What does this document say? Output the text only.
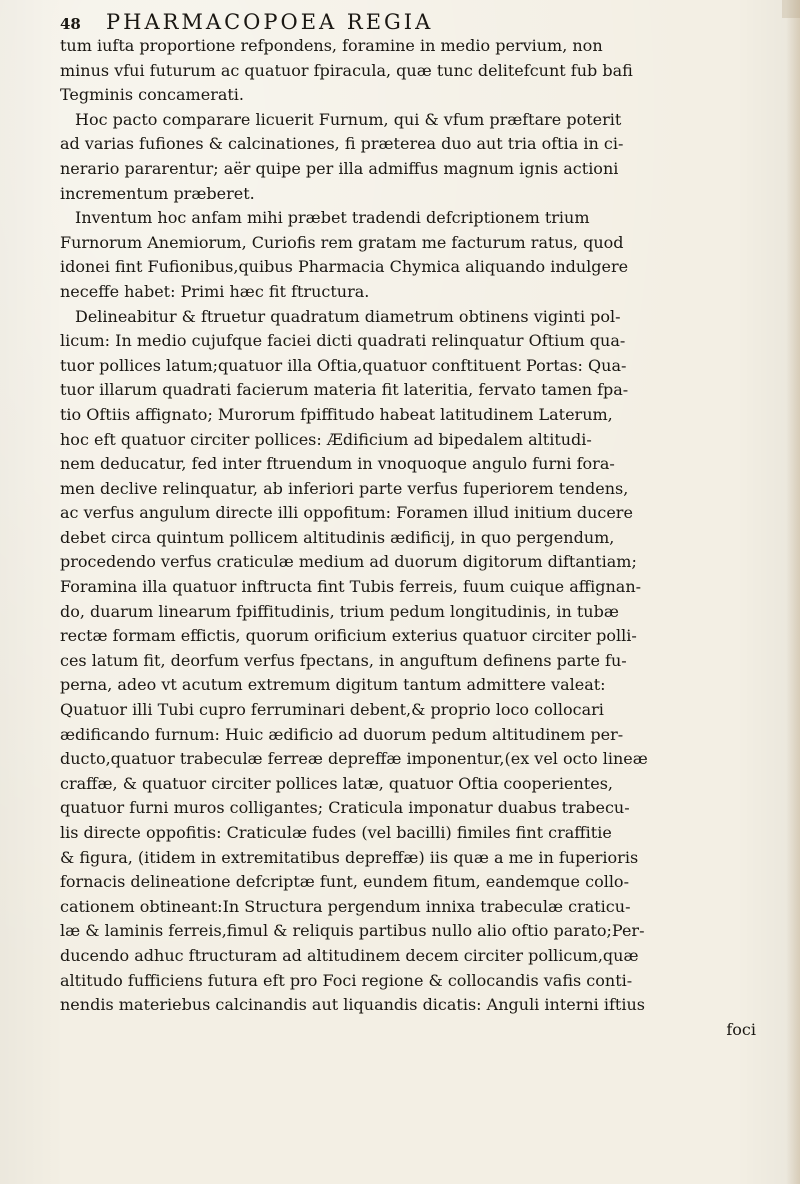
48	PHARMACOPOEA REGIA
tum iufta proportione refpondens, foramine in medio pervium, non
minus vfui futurum ac quatuor fpiracula, quæ tunc delitefcunt fub bafi
Tegminis concamerati.
Hoc pacto comparare licuerit Furnum, qui & vfum præftare poterit
ad varias fufiones & calcinationes, fi præterea duo aut tria oftia in ci-
nerario pararentur; aër quipe per illa admiffus magnum ignis actioni
incrementum præberet.
Inventum hoc anfam mihi præbet tradendi defcriptionem trium
Furnorum Anemiorum, Curiofis rem gratam me facturum ratus, quod
idonei fint Fufionibus,quibus Pharmacia Chymica aliquando indulgere
neceffe habet: Primi hæc fit ftructura.
Delineabitur & ftruetur quadratum diametrum obtinens viginti pol-
licum: In medio cujufque faciei dicti quadrati relinquatur Oftium qua-
tuor pollices latum;quatuor illa Oftia,quatuor conftituent Portas: Qua-
tuor illarum quadrati facierum materia fit lateritia, fervato tamen fpa-
tio Oftiis affignato; Murorum fpiffitudo habeat latitudinem Laterum,
hoc eft quatuor circiter pollices: Ædificium ad bipedalem altitudi-
nem deducatur, fed inter ftruendum in vnoquoque angulo furni fora-
men declive relinquatur, ab inferiori parte verfus fuperiorem tendens,
ac verfus angulum directe illi oppofitum: Foramen illud initium ducere
debet circa quintum pollicem altitudinis ædificij, in quo pergendum,
procedendo verfus craticulæ medium ad duorum digitorum diftantiam;
Foramina illa quatuor inftructa fint Tubis ferreis, fuum cuique affignan-
do, duarum linearum fpiffitudinis, trium pedum longitudinis, in tubæ
rectæ formam effictis, quorum orificium exterius quatuor circiter polli-
ces latum fit, deorfum verfus fpectans, in anguftum definens parte fu-
perna, adeo vt acutum extremum digitum tantum admittere valeat:
Quatuor illi Tubi cupro ferruminari debent,& proprio loco collocari
ædificando furnum: Huic ædificio ad duorum pedum altitudinem per-
ducto,quatuor trabeculæ ferreæ depreffæ imponentur,(ex vel octo lineæ
craffæ, & quatuor circiter pollices latæ, quatuor Oftia cooperientes,
quatuor furni muros colligantes; Craticula imponatur duabus trabecu-
lis directe oppofitis: Craticulæ fudes (vel bacilli) fimiles fint craffitie
& figura, (itidem in extremitatibus depreffæ) iis quæ a me in fuperioris
fornacis delineatione defcriptæ funt, eundem fitum, eandemque collo-
cationem obtineant:In Structura pergendum innixa trabeculæ craticu-
læ & laminis ferreis,fimul & reliquis partibus nullo alio oftio parato;Per-
ducendo adhuc ftructuram ad altitudinem decem circiter pollicum,quæ
altitudo fufficiens futura eft pro Foci regione & collocandis vafis conti-
nendis materiebus calcinandis aut liquandis dicatis: Anguli interni iftius
foci
